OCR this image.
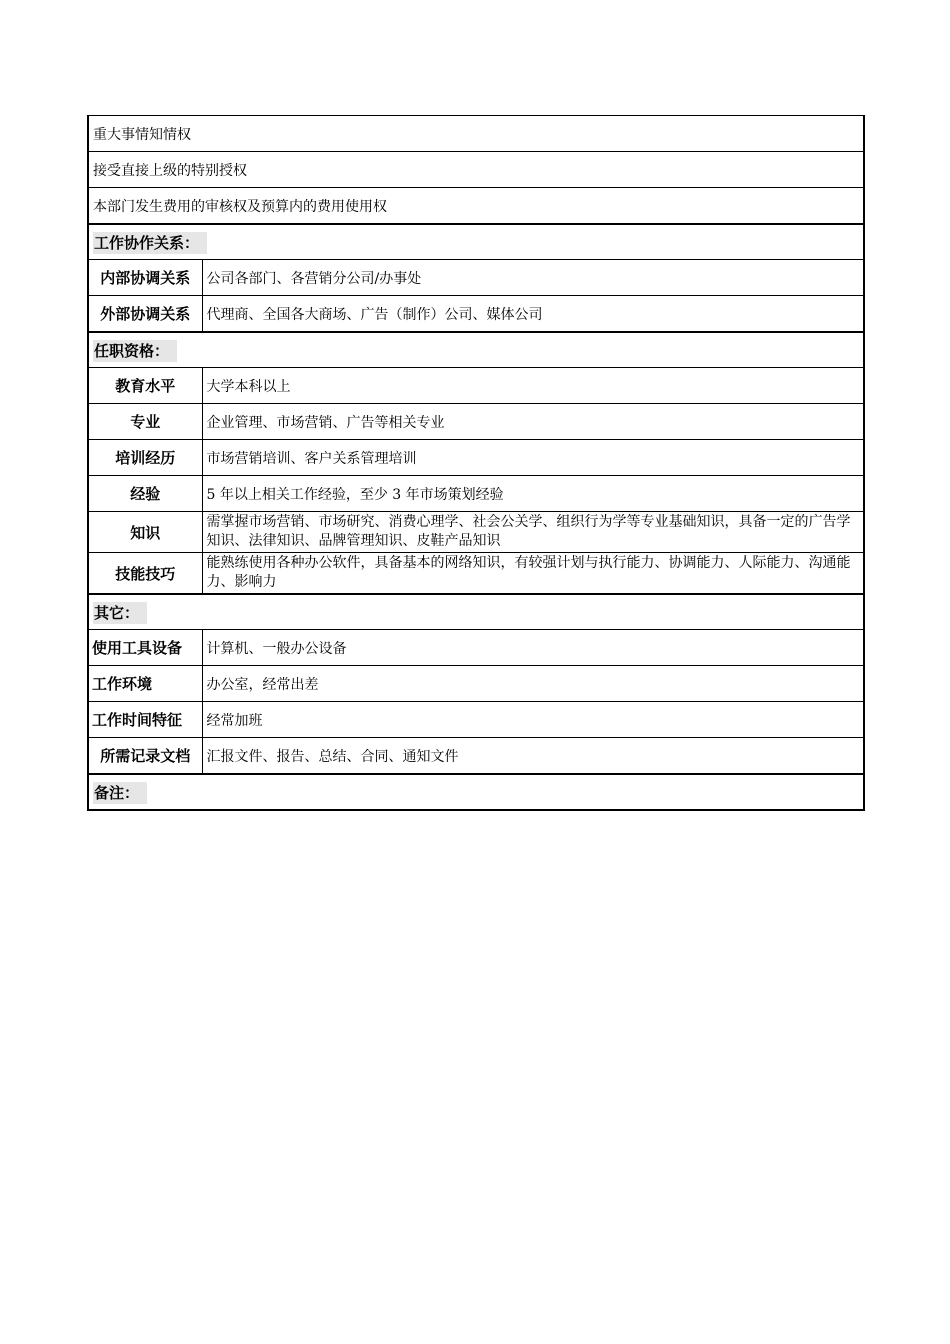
重大事情知情权	
接受直接上级的特别授权	
本部门发生费用的审核权及预算内的费用使用权	
工作协作关系：	
内部协调关系	公司各部门、各营销分公司/办事处
外部协调关系	代理商、全国各大商场、广告（制作）公司、媒体公司
任职资格：	
教育水平	大学本科以上
专业	企业管理、市场营销、广告等相关专业
培训经历	市场营销培训、客户关系管理培训
经验	5 年以上相关工作经验，至少 3 年市场策划经验
知识	需掌握市场营销、市场研究、消费心理学、社会公关学、组织行为学等专业基础知识，具备一定的广告学知识、法律知识、品牌管理知识、皮鞋产品知识
技能技巧	能熟练使用各种办公软件，具备基本的网络知识，有较强计划与执行能力、协调能力、人际能力、沟通能力、影响力
其它：	
使用工具设备	计算机、一般办公设备
工作环境	办公室，经常出差
工作时间特征	经常加班
所需记录文档	汇报文件、报告、总结、合同、通知文件
备注：	
